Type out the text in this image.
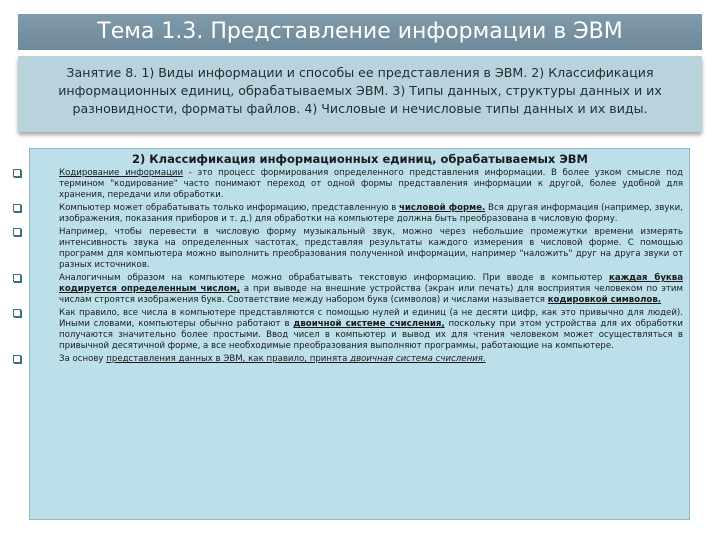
Тема 1.3. Представление информации в ЭВМ
Занятие 8. 1) Виды информации и способы ее представления в ЭВМ. 2) Классификация информационных единиц, обрабатываемых ЭВМ. 3) Типы данных, структуры данных и их разновидности, форматы файлов. 4) Числовые и нечисловые типы данных и их виды.
2) Классификация информационных единиц, обрабатываемых ЭВМ
Кодирование информации - это процесс формирования определенного представления информации. В более узком смысле под термином "кодирование" часто понимают переход от одной формы представления информации к другой, более удобной для хранения, передачи или обработки.
Компьютер может обрабатывать только информацию, представленную в числовой форме. Вся другая информация (например, звуки, изображения, показания приборов и т. д.) для обработки на компьютере должна быть преобразована в числовую форму.
Например, чтобы перевести в числовую форму музыкальный звук, можно через небольшие промежутки времени измерять интенсивность звука на определенных частотах, представляя результаты каждого измерения в числовой форме. С помощью программ для компьютера можно выполнить преобразования полученной информации, например "наложить" друг на друга звуки от разных источников.
Аналогичным образом на компьютере можно обрабатывать текстовую информацию. При вводе в компьютер каждая буква кодируется определенным числом, а при выводе на внешние устройства (экран или печать) для восприятия человеком по этим числам строятся изображения букв. Соответствие между набором букв (символов) и числами называется кодировкой символов.
Как правило, все числа в компьютере представляются с помощью нулей и единиц (а не десяти цифр, как это привычно для людей). Иными словами, компьютеры обычно работают в двоичной системе счисления, поскольку при этом устройства для их обработки получаются значительно более простыми. Ввод чисел в компьютер и вывод их для чтения человеком может осуществляться в привычной десятичной форме, а все необходимые преобразования выполняют программы, работающие на компьютере.
За основу представления данных в ЭВМ, как правило, принята двоичная система счисления.
